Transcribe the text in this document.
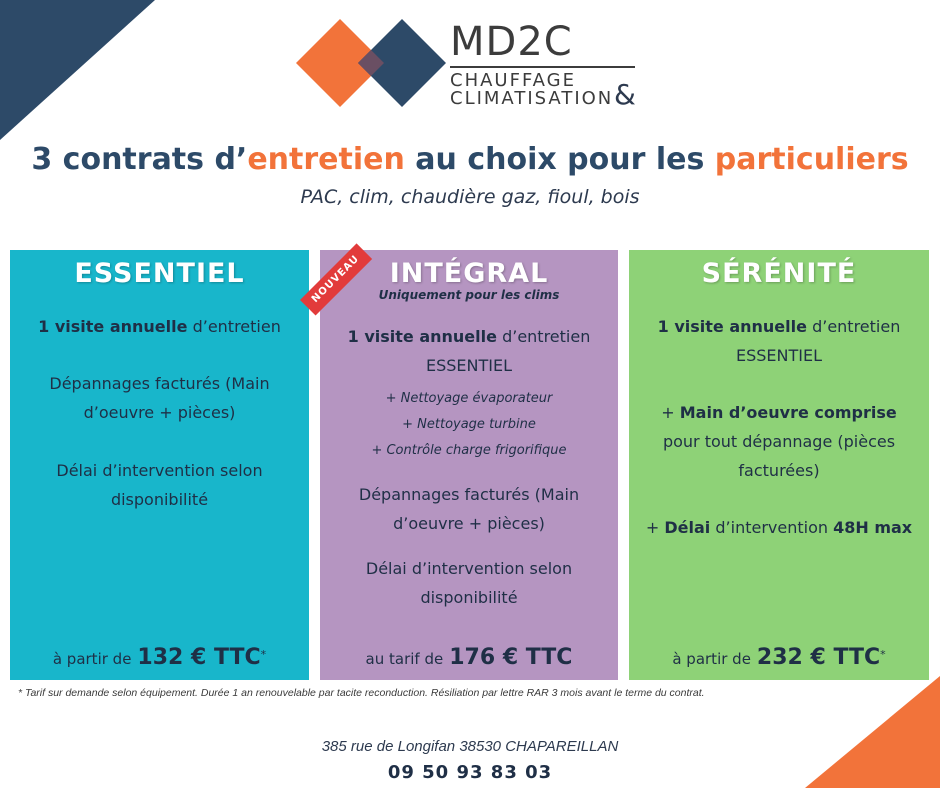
MD2C
CHAUFFAGE
CLIMATISATION &
3 contrats d’entretien au choix pour les particuliers
PAC, clim, chaudière gaz, fioul, bois
ESSENTIEL

1 visite annuelle d’entretien

Dépannages facturés (Main d’oeuvre + pièces)

Délai d’intervention selon disponibilité

à partir de 132 € TTC*
INTÉGRAL
Uniquement pour les clims

1 visite annuelle d’entretien ESSENTIEL

+ Nettoyage évaporateur

+ Nettoyage turbine

+ Contrôle charge frigorifique

Dépannages facturés (Main d’oeuvre + pièces)

Délai d’intervention selon disponibilité

au tarif de 176 € TTC
NOUVEAU	SÉRÉNITÉ

1 visite annuelle d’entretien ESSENTIEL

+ Main d’oeuvre comprise pour tout dépannage (pièces facturées)

+ Délai d’intervention 48H max

à partir de 232 € TTC*
* Tarif sur demande selon équipement. Durée 1 an renouvelable par tacite reconduction. Résiliation par lettre RAR 3 mois avant le terme du contrat.
385 rue de Longifan 38530 CHAPAREILLAN
09 50 93 83 03
